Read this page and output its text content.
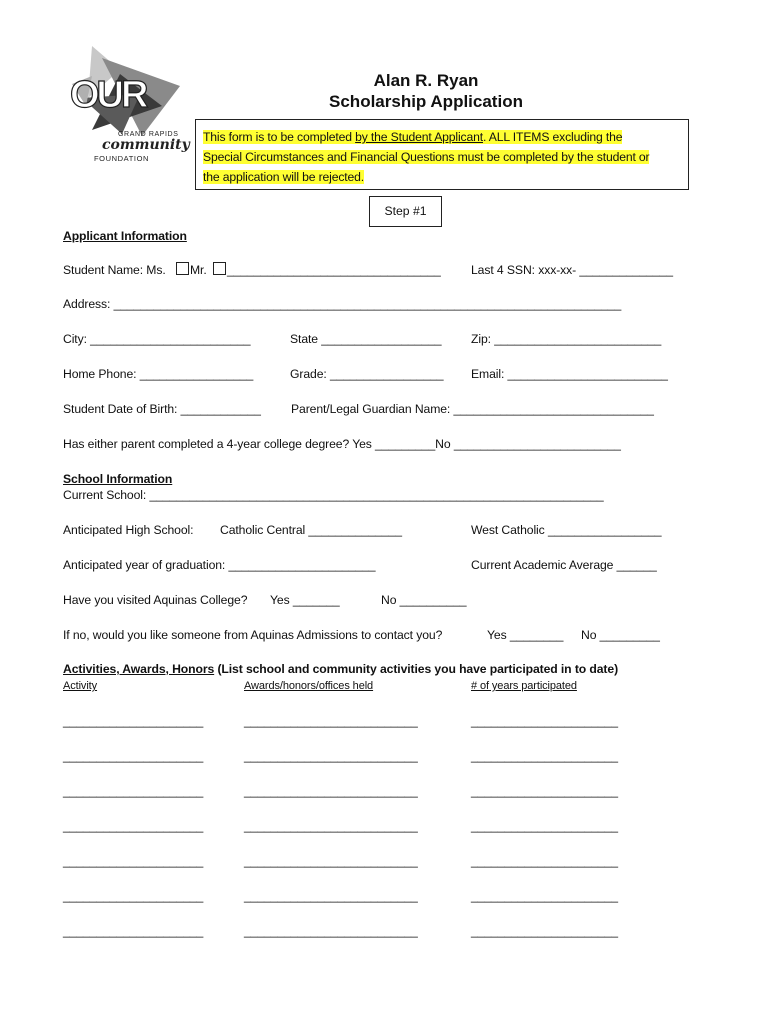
OUR
GRAND RAPIDS
community
FOUNDATION
Alan R. Ryan
Scholarship Application
This form is to be completed by the Student Applicant. ALL ITEMS excluding the
Special Circumstances and Financial Questions must be completed by the student or
the application will be rejected.
Step #1
Applicant Information
Student Name: Ms. Mr. ________________________________ Last 4 SSN: xxx-xx- ______________
Address: ____________________________________________________________________________
City: ________________________	State __________________ Zip: _________________________
Home Phone: _________________	Grade: _________________ Email: ________________________
Student Date of Birth: ____________ Parent/Legal Guardian Name: ______________________________
Has either parent completed a 4-year college degree? Yes _________No _________________________
School Information
Current School: ____________________________________________________________________
Anticipated High School: Catholic Central ______________	West Catholic _________________
Anticipated year of graduation: ______________________	Current Academic Average ______
Have you visited Aquinas College? Yes _______	No __________
If no, would you like someone from Aquinas Admissions to contact you?	Yes ________ No _________
Activities, Awards, Honors (List school and community activities you have participated in to date)
Activity	Awards/honors/offices held	# of years participated
_____________________	__________________________	______________________
_____________________	__________________________	______________________
_____________________	__________________________	______________________
_____________________	__________________________	______________________
_____________________	__________________________	______________________
_____________________	__________________________	______________________
_____________________	__________________________	______________________
